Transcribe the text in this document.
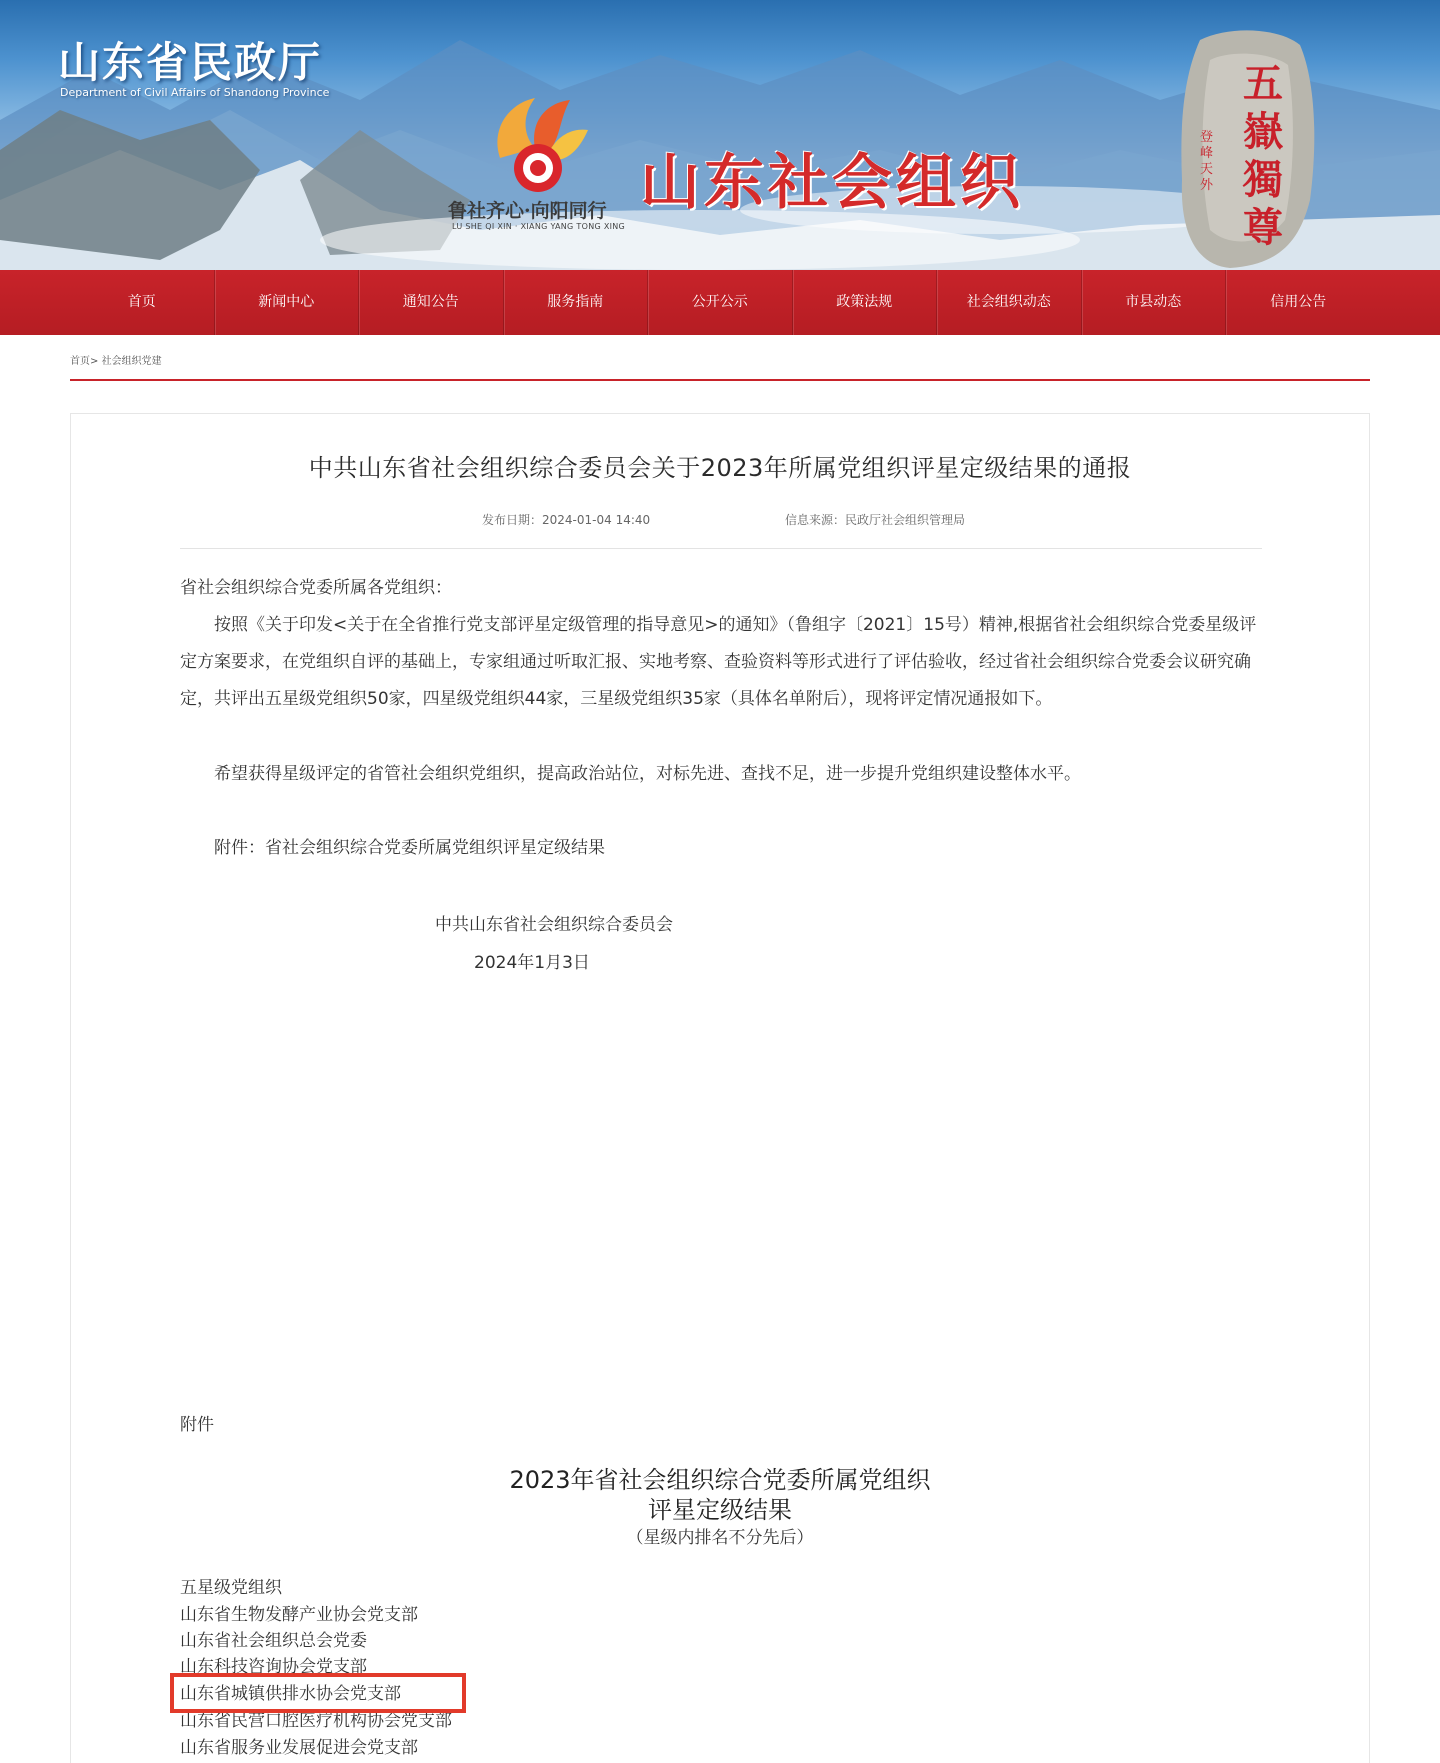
山东省民政厅
Department of Civil Affairs of Shandong Province
鲁社齐心·向阳同行
LU SHE QI XIN · XIANG YANG TONG XING
山东社会组织
五
嶽
獨
尊
登峰天外
首页	新闻中心	通知公告	服务指南	公开公示	政策法规	社会组织动态	市县动态	信用公告
首页> 社会组织党建
中共山东省社会组织综合委员会关于2023年所属党组织评星定级结果的通报
发布日期：2024-01-04 14:40	信息来源：民政厅社会组织管理局
省社会组织综合党委所属各党组织：
按照《关于印发<关于在全省推行党支部评星定级管理的指导意见>的通知》（鲁组字〔2021〕15号）精神,根据省社会组织综合党委星级评定方案要求，在党组织自评的基础上，专家组通过听取汇报、实地考察、查验资料等形式进行了评估验收，经过省社会组织综合党委会议研究确定，共评出五星级党组织50家，四星级党组织44家，三星级党组织35家（具体名单附后），现将评定情况通报如下。
希望获得星级评定的省管社会组织党组织，提高政治站位，对标先进、查找不足，进一步提升党组织建设整体水平。
附件：省社会组织综合党委所属党组织评星定级结果
中共山东省社会组织综合委员会
2024年1月3日
附件
2023年省社会组织综合党委所属党组织
评星定级结果
（星级内排名不分先后）
五星级党组织
山东省生物发酵产业协会党支部
山东省社会组织总会党委
山东科技咨询协会党支部
山东省城镇供排水协会党支部
山东省民营口腔医疗机构协会党支部
山东省服务业发展促进会党支部
